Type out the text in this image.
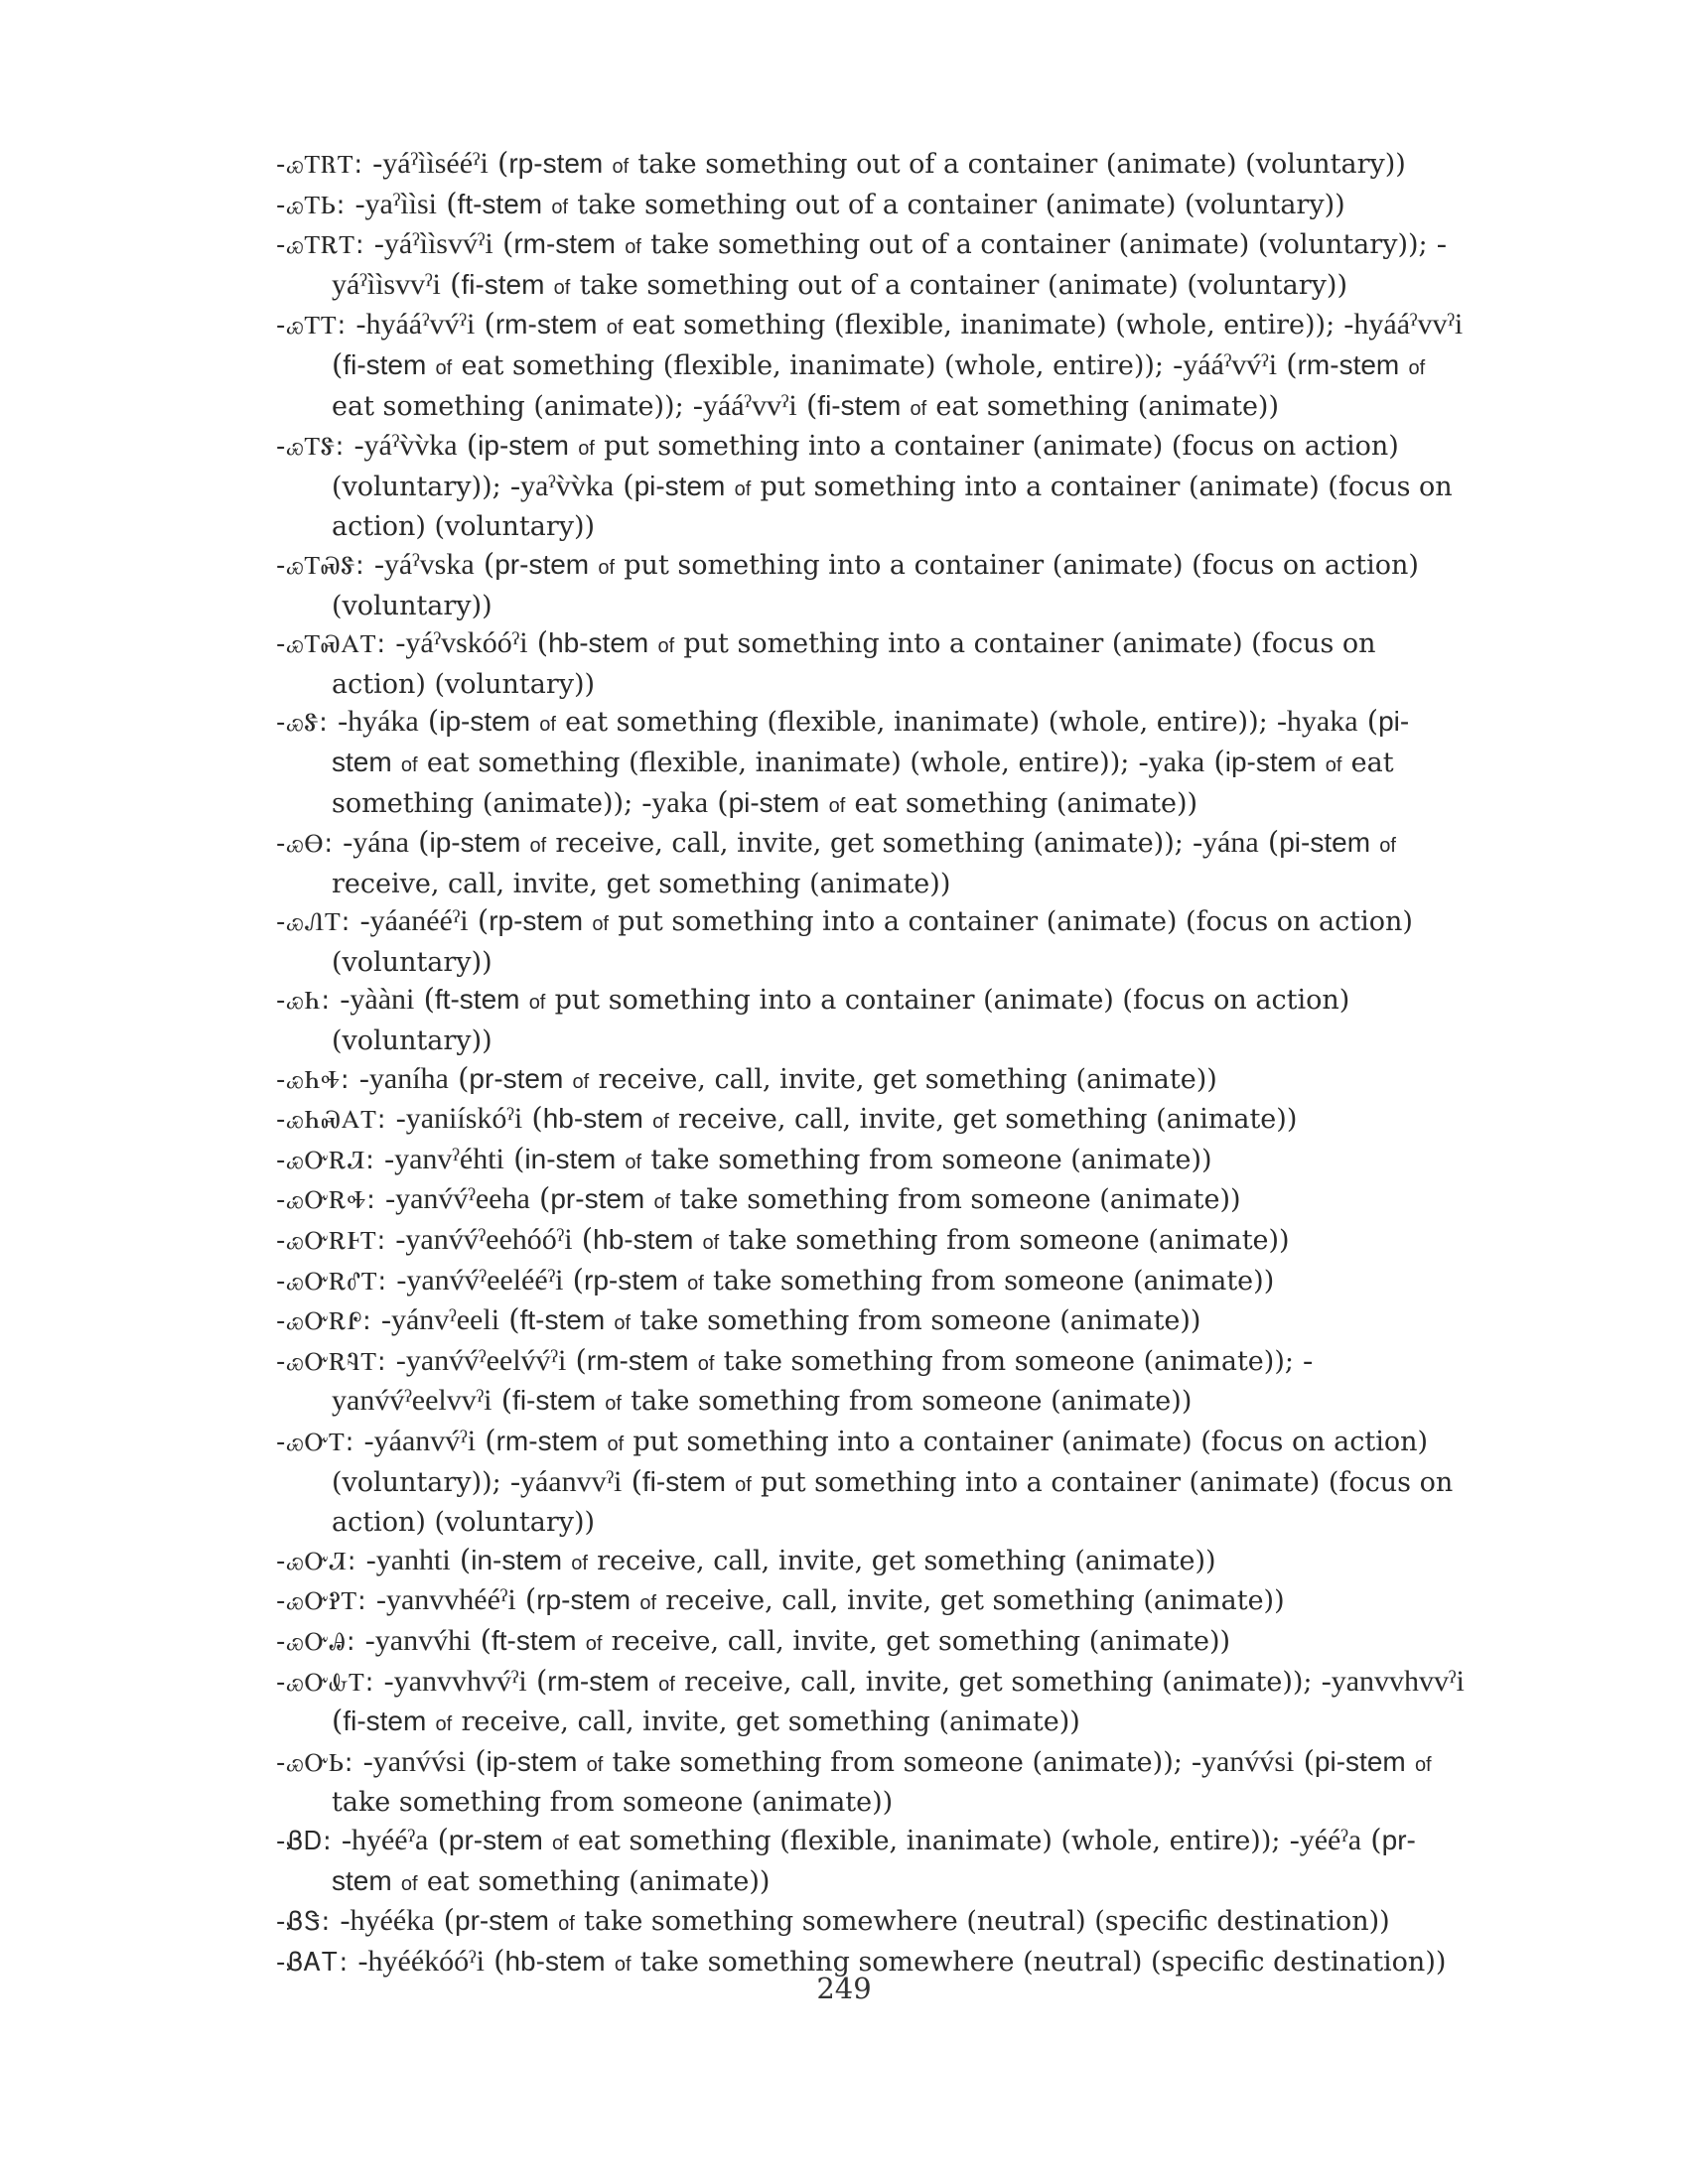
-ꮿᎢᏒᎢ: -yáˀììsééˀi (rp-stem of take something out of a container (animate) (voluntary))

-ꮿᎢᏏ: -yaˀììsi (ft-stem of take something out of a container (animate) (voluntary))

-ꮿᎢᎡᎢ: -yáˀììsvv́ˀi (rm-stem of take something out of a container (animate) (voluntary)); -yáˀììsvvˀi (fi-stem of take something out of a container (animate) (voluntary))

-ꮿᎢᎢ: -hyááˀvv́ˀi (rm-stem of eat something (flexible, inanimate) (whole, entire)); -hyááˀvvˀi (fi-stem of eat something (flexible, inanimate) (whole, entire)); -yááˀvv́ˀi (rm-stem of eat something (animate)); -yááˀvvˀi (fi-stem of eat something (animate))

-ꮿᎢᏕ: -yáˀv̀v̀ka (ip-stem of put something into a container (animate) (focus on action) (voluntary)); -yaˀv̀v̀ka (pi-stem of put something into a container (animate) (focus on action) (voluntary))

-ꮿᎢᏍᏕ: -yáˀvska (pr-stem of put something into a container (animate) (focus on action) (voluntary))

-ꮿᎢᏍᎪᎢ: -yáˀvskóóˀi (hb-stem of put something into a container (animate) (focus on action) (voluntary))

-ꮿᏕ: -hyáka (ip-stem of eat something (flexible, inanimate) (whole, entire)); -hyaka (pi-stem of eat something (flexible, inanimate) (whole, entire)); -yaka (ip-stem of eat something (animate)); -yaka (pi-stem of eat something (animate))

-ꮿᎾ: -yána (ip-stem of receive, call, invite, get something (animate)); -yána (pi-stem of receive, call, invite, get something (animate))

-ꮿᏁᎢ: -yáanééˀi (rp-stem of put something into a container (animate) (focus on action) (voluntary))

-ꮿᏂ: -yààni (ft-stem of put something into a container (animate) (focus on action) (voluntary))

-ꮿᏂᎭ: -yaníha (pr-stem of receive, call, invite, get something (animate))

-ꮿᏂᏍᎪᎢ: -yaniískóˀi (hb-stem of receive, call, invite, get something (animate))

-ꮿᏅᎡᏘ: -yanvˀéhti (in-stem of take something from someone (animate))

-ꮿᏅᎡᎭ: -yanv́v́ˀeeha (pr-stem of take something from someone (animate))

-ꮿᏅᎡᎰᎢ: -yanv́v́ˀeehóóˀi (hb-stem of take something from someone (animate))

-ꮿᏅᎡᎴᎢ: -yanv́v́ˀeelééˀi (rp-stem of take something from someone (animate))

-ꮿᏅᎡᎵ: -yánvˀeeli (ft-stem of take something from someone (animate))

-ꮿᏅᎡᎸᎢ: -yanv́v́ˀeelv́v́ˀi (rm-stem of take something from someone (animate)); -yanv́v́ˀeelvvˀi (fi-stem of take something from someone (animate))

-ꮿᏅᎢ: -yáanvv́ˀi (rm-stem of put something into a container (animate) (focus on action) (voluntary)); -yáanvvˀi (fi-stem of put something into a container (animate) (focus on action) (voluntary))

-ꮿᏅᏘ: -yanhti (in-stem of receive, call, invite, get something (animate))

-ꮿᏅᎮᎢ: -yanvvhééˀi (rp-stem of receive, call, invite, get something (animate))

-ꮿᏅᎯ: -yanvv́hi (ft-stem of receive, call, invite, get something (animate))

-ꮿᏅᎲᎢ: -yanvvhvv́ˀi (rm-stem of receive, call, invite, get something (animate)); -yanvvhvvˀi (fi-stem of receive, call, invite, get something (animate))

-ꮿᏅᏏ: -yanv́v́si (ip-stem of take something from someone (animate)); -yanv́v́si (pi-stem of take something from someone (animate))

-ᏰᎠ: -hyééˀa (pr-stem of eat something (flexible, inanimate) (whole, entire)); -yééˀa (pr-stem of eat something (animate))

-ᏰᏕ: -hyééka (pr-stem of take something somewhere (neutral) (specific destination))

-ᏰᎪᎢ: -hyéékóóˀi (hb-stem of take something somewhere (neutral) (specific destination))

249
